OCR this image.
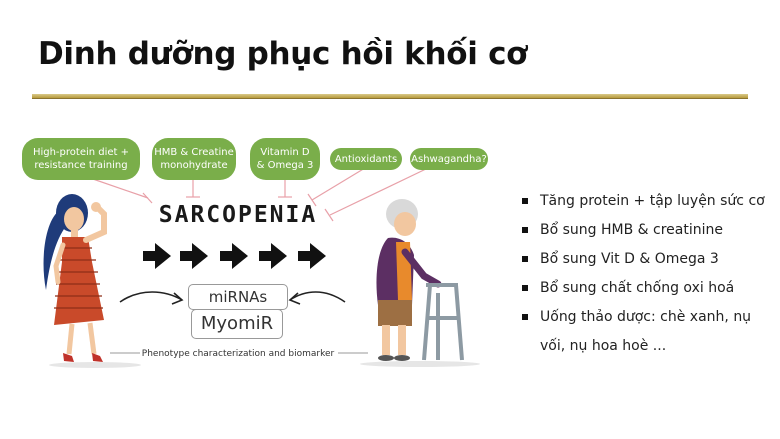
Dinh dưỡng phục hồi khối cơ
High-protein diet +
resistance training
HMB & Creatine
monohydrate
Vitamin D
& Omega 3
Antioxidants Ashwagandha?
SARCOPENIA
miRNAs
MyomiR
Phenotype characterization and biomarker
Tăng protein + tập luyện sức cơ
Bổ sung HMB & creatinine
Bổ sung Vit D & Omega 3
Bổ sung chất chống oxi hoá
Uống thảo dược: chè xanh, nụ
vối, nụ hoa hoè ...
